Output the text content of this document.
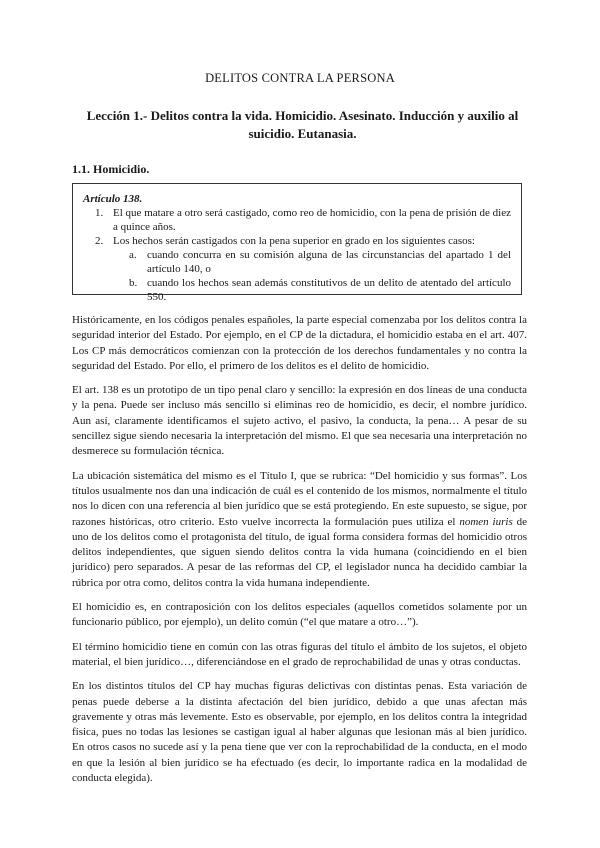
DELITOS CONTRA LA PERSONA
Lección 1.- Delitos contra la vida. Homicidio. Asesinato. Inducción y auxilio al suicidio. Eutanasia.
1.1. Homicidio.
Artículo 138.
1. El que matare a otro será castigado, como reo de homicidio, con la pena de prisión de diez a quince años.
2. Los hechos serán castigados con la pena superior en grado en los siguientes casos:
a. cuando concurra en su comisión alguna de las circunstancias del apartado 1 del artículo 140, o
b. cuando los hechos sean además constitutivos de un delito de atentado del artículo 550.

Históricamente, en los códigos penales españoles, la parte especial comenzaba por los delitos contra la seguridad interior del Estado. Por ejemplo, en el CP de la dictadura, el homicidio estaba en el art. 407. Los CP más democráticos comienzan con la protección de los derechos fundamentales y no contra la seguridad del Estado. Por ello, el primero de los delitos es el delito de homicidio.

El art. 138 es un prototipo de un tipo penal claro y sencillo: la expresión en dos líneas de una conducta y la pena. Puede ser incluso más sencillo si eliminas reo de homicidio, es decir, el nombre jurídico. Aun así, claramente identificamos el sujeto activo, el pasivo, la conducta, la pena… A pesar de su sencillez sigue siendo necesaria la interpretación del mismo. El que sea necesaria una interpretación no desmerece su formulación técnica.

La ubicación sistemática del mismo es el Título I, que se rubrica: “Del homicidio y sus formas”. Los títulos usualmente nos dan una indicación de cuál es el contenido de los mismos, normalmente el título nos lo dicen con una referencia al bien jurídico que se está protegiendo. En este supuesto, se sigue, por razones históricas, otro criterio. Esto vuelve incorrecta la formulación pues utiliza el nomen iuris de uno de los delitos como el protagonista del título, de igual forma considera formas del homicidio otros delitos independientes, que siguen siendo delitos contra la vida humana (coincidiendo en el bien jurídico) pero separados. A pesar de las reformas del CP, el legislador nunca ha decidido cambiar la rúbrica por otra como, delitos contra la vida humana independiente.

El homicidio es, en contraposición con los delitos especiales (aquellos cometidos solamente por un funcionario público, por ejemplo), un delito común (“el que matare a otro…”).

El término homicidio tiene en común con las otras figuras del título el ámbito de los sujetos, el objeto material, el bien jurídico…, diferenciándose en el grado de reprochabilidad de unas y otras conductas.

En los distintos títulos del CP hay muchas figuras delictivas con distintas penas. Esta variación de penas puede deberse a la distinta afectación del bien jurídico, debido a que unas afectan más gravemente y otras más levemente. Esto es observable, por ejemplo, en los delitos contra la integridad física, pues no todas las lesiones se castigan igual al haber algunas que lesionan más al bien jurídico. En otros casos no sucede así y la pena tiene que ver con la reprochabilidad de la conducta, en el modo en que la lesión al bien jurídico se ha efectuado (es decir, lo importante radica en la modalidad de conducta elegida).
